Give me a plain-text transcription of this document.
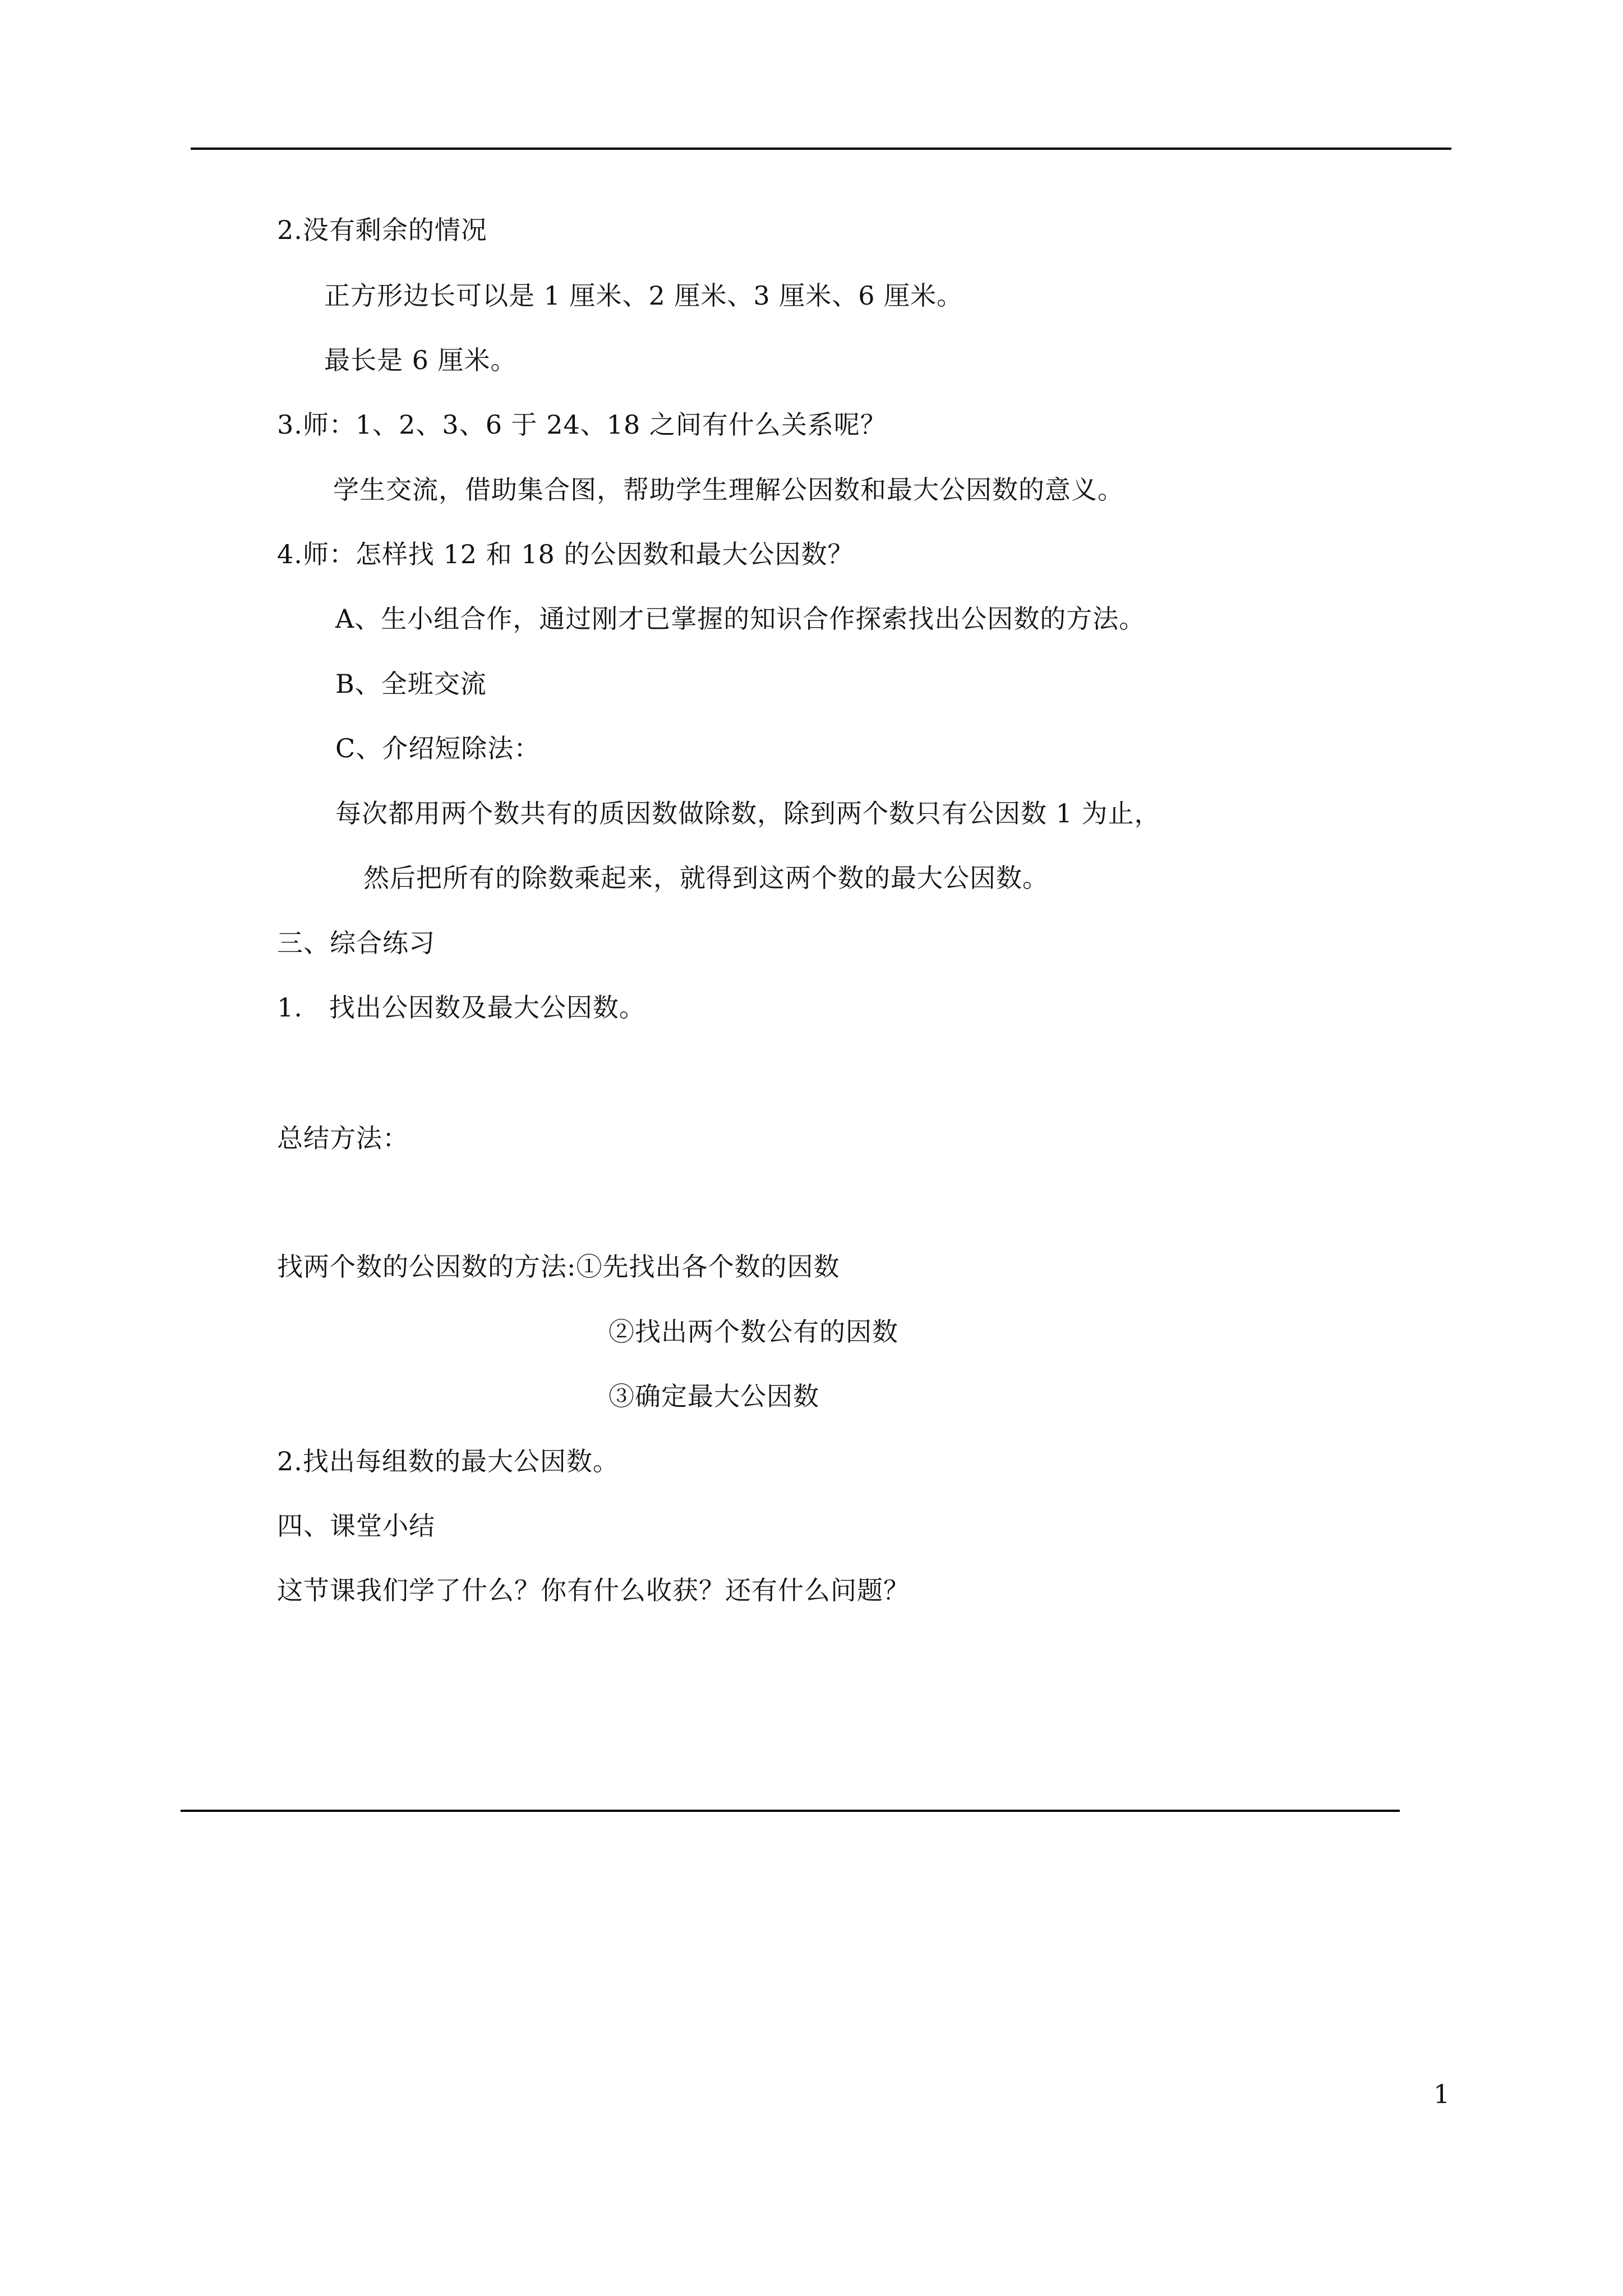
2.没有剩余的情况
正方形边长可以是 1 厘米、2 厘米、3 厘米、6 厘米。
最长是 6 厘米。
3.师：1、2、3、6 于 24、18 之间有什么关系呢？
学生交流，借助集合图，帮助学生理解公因数和最大公因数的意义。
4.师：怎样找 12 和 18 的公因数和最大公因数？
A、生小组合作，通过刚才已掌握的知识合作探索找出公因数的方法。
B、全班交流
C、介绍短除法：
每次都用两个数共有的质因数做除数，除到两个数只有公因数 1 为止，
然后把所有的除数乘起来，就得到这两个数的最大公因数。
三、综合练习
1.　找出公因数及最大公因数。
总结方法：
找两个数的公因数的方法:①先找出各个数的因数
②找出两个数公有的因数
③确定最大公因数
2.找出每组数的最大公因数。
四、课堂小结
这节课我们学了什么？你有什么收获？还有什么问题？
1
